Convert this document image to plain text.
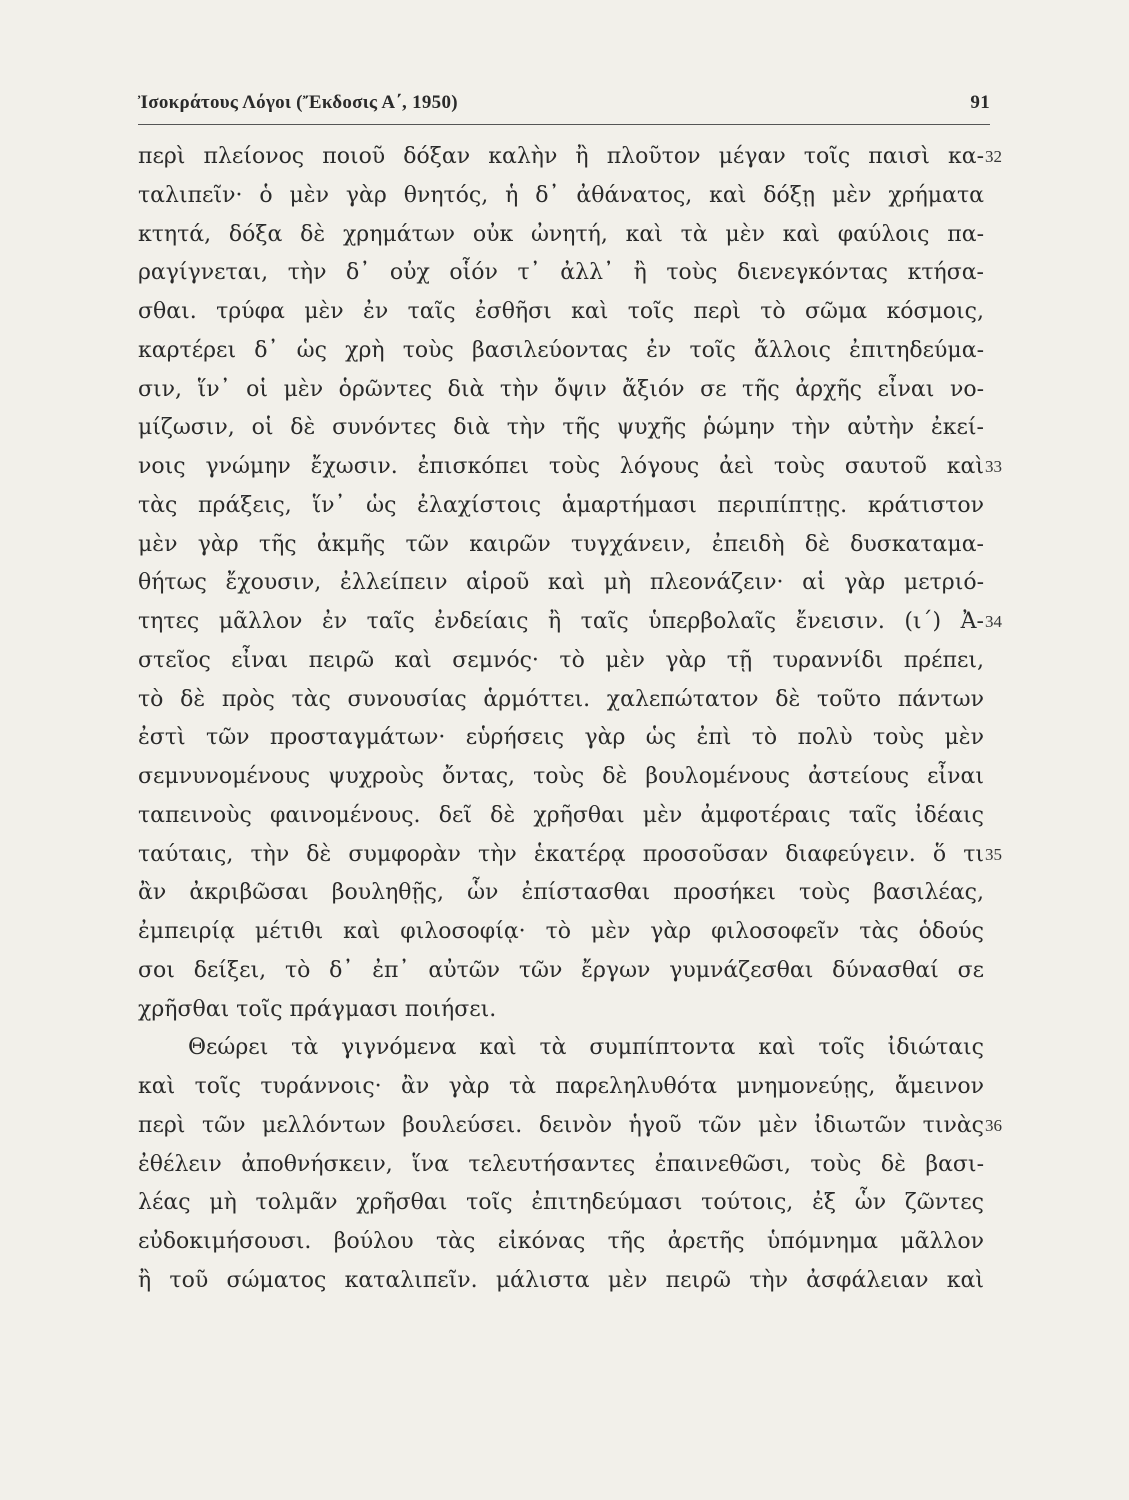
Ἰσοκράτους Λόγοι (Ἔκδοσις Α΄, 1950)	91
περὶ πλείονος ποιοῦ δόξαν καλὴν ἢ πλοῦτον μέγαν τοῖς παισὶ κα- 32
ταλιπεῖν· ὁ μὲν γὰρ θνητός, ἡ δ᾽ ἀθάνατος, καὶ δόξῃ μὲν χρήματα
κτητά, δόξα δὲ χρημάτων οὐκ ὠνητή, καὶ τὰ μὲν καὶ φαύλοις πα-
ραγίγνεται, τὴν δ᾽ οὐχ οἷόν τ᾽ ἀλλ᾽ ἢ τοὺς διενεγκόντας κτήσα-
σθαι. τρύφα μὲν ἐν ταῖς ἐσθῆσι καὶ τοῖς περὶ τὸ σῶμα κόσμοις,
καρτέρει δ᾽ ὡς χρὴ τοὺς βασιλεύοντας ἐν τοῖς ἄλλοις ἐπιτηδεύμα-
σιν, ἵν᾽ οἱ μὲν ὁρῶντες διὰ τὴν ὄψιν ἄξιόν σε τῆς ἀρχῆς εἶναι νο-
μίζωσιν, οἱ δὲ συνόντες διὰ τὴν τῆς ψυχῆς ῥώμην τὴν αὐτὴν ἐκεί-
νοις γνώμην ἔχωσιν. ἐπισκόπει τοὺς λόγους ἀεὶ τοὺς σαυτοῦ καὶ 33
τὰς πράξεις, ἵν᾽ ὡς ἐλαχίστοις ἁμαρτήμασι περιπίπτῃς. κράτιστον
μὲν γὰρ τῆς ἀκμῆς τῶν καιρῶν τυγχάνειν, ἐπειδὴ δὲ δυσκαταμα-
θήτως ἔχουσιν, ἐλλείπειν αἱροῦ καὶ μὴ πλεονάζειν· αἱ γὰρ μετριό-
τητες μᾶλλον ἐν ταῖς ἐνδείαις ἢ ταῖς ὑπερβολαῖς ἔνεισιν. (ι΄) Ἀ- 34
στεῖος εἶναι πειρῶ καὶ σεμνός· τὸ μὲν γὰρ τῇ τυραννίδι πρέπει,
τὸ δὲ πρὸς τὰς συνουσίας ἁρμόττει. χαλεπώτατον δὲ τοῦτο πάντων
ἐστὶ τῶν προσταγμάτων· εὑρήσεις γὰρ ὡς ἐπὶ τὸ πολὺ τοὺς μὲν
σεμνυνομένους ψυχροὺς ὄντας, τοὺς δὲ βουλομένους ἀστείους εἶναι
ταπεινοὺς φαινομένους. δεῖ δὲ χρῆσθαι μὲν ἀμφοτέραις ταῖς ἰδέαις
ταύταις, τὴν δὲ συμφορὰν τὴν ἑκατέρᾳ προσοῦσαν διαφεύγειν. ὅ τι 35
ἂν ἀκριβῶσαι βουληθῇς, ὧν ἐπίστασθαι προσήκει τοὺς βασιλέας,
ἐμπειρίᾳ μέτιθι καὶ φιλοσοφίᾳ· τὸ μὲν γὰρ φιλοσοφεῖν τὰς ὁδούς
σοι δείξει, τὸ δ᾽ ἐπ᾽ αὐτῶν τῶν ἔργων γυμνάζεσθαι δύνασθαί σε
χρῆσθαι τοῖς πράγμασι ποιήσει.
Θεώρει τὰ γιγνόμενα καὶ τὰ συμπίπτοντα καὶ τοῖς ἰδιώταις
καὶ τοῖς τυράννοις· ἂν γὰρ τὰ παρεληλυθότα μνημονεύῃς, ἄμεινον
περὶ τῶν μελλόντων βουλεύσει. δεινὸν ἡγοῦ τῶν μὲν ἰδιωτῶν τινὰς 36
ἐθέλειν ἀποθνήσκειν, ἵνα τελευτήσαντες ἐπαινεθῶσι, τοὺς δὲ βασι-
λέας μὴ τολμᾶν χρῆσθαι τοῖς ἐπιτηδεύμασι τούτοις, ἐξ ὧν ζῶντες
εὐδοκιμήσουσι. βούλου τὰς εἰκόνας τῆς ἀρετῆς ὑπόμνημα μᾶλλον
ἢ τοῦ σώματος καταλιπεῖν. μάλιστα μὲν πειρῶ τὴν ἀσφάλειαν καὶ
